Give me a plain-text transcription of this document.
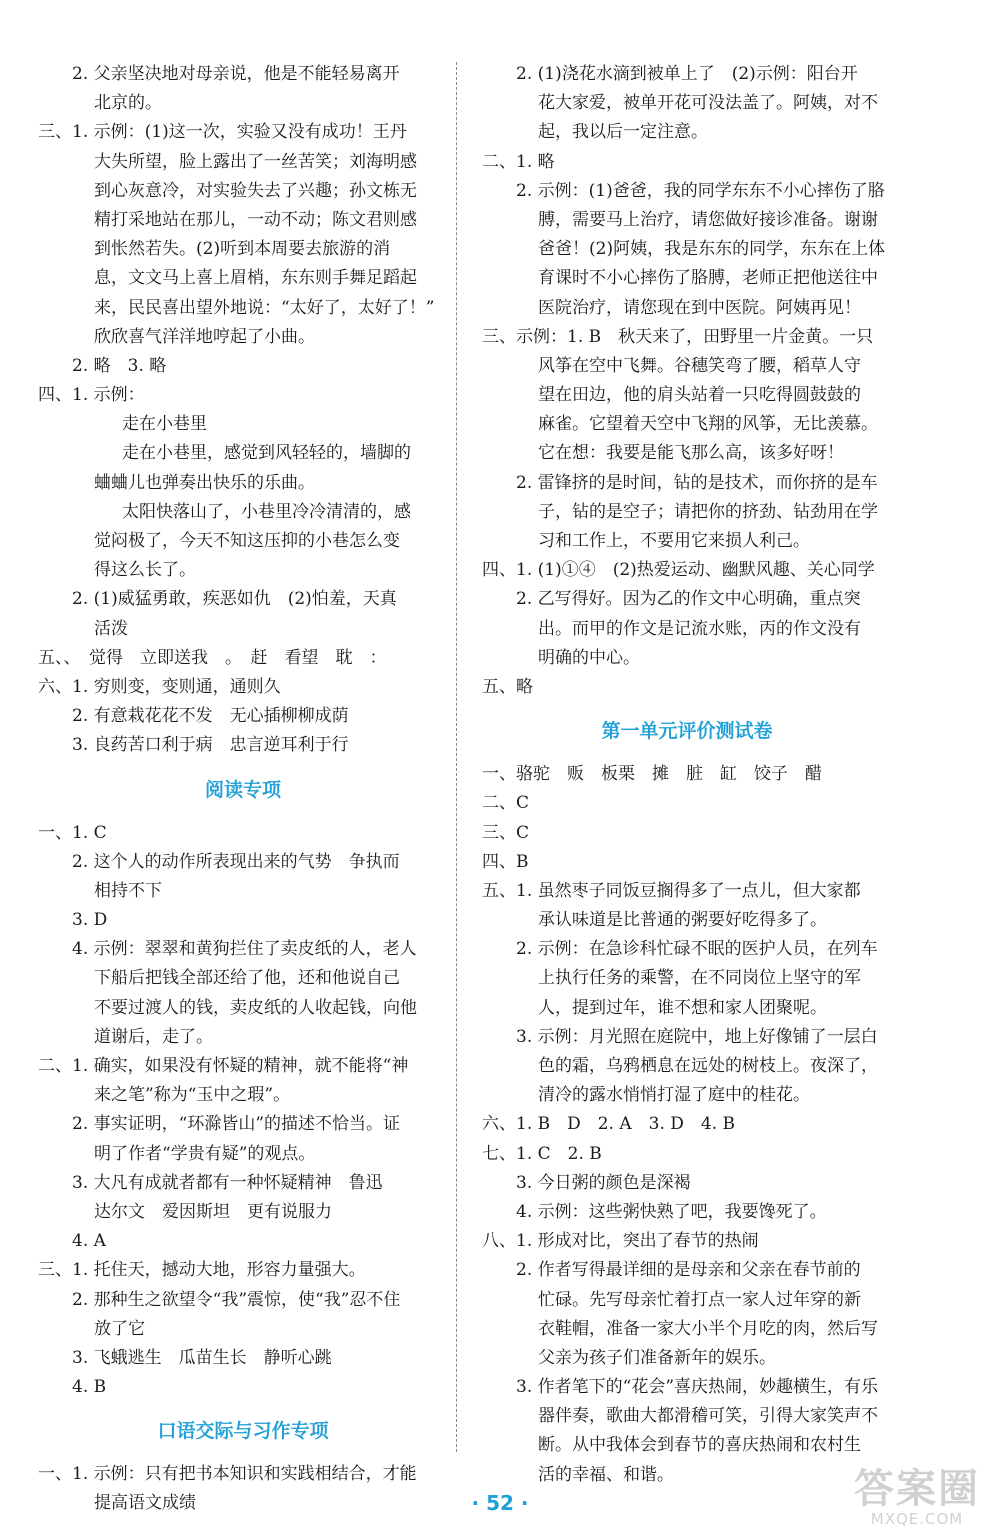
2. 父亲坚决地对母亲说，他是不能轻易离开
北京的。
三、1. 示例：(1)这一次，实验又没有成功！王丹
大失所望，脸上露出了一丝苦笑；刘海明感
到心灰意冷，对实验失去了兴趣；孙文栋无
精打采地站在那儿，一动不动；陈文君则感
到怅然若失。(2)听到本周要去旅游的消
息，文文马上喜上眉梢，东东则手舞足蹈起
来，民民喜出望外地说：“太好了，太好了！”
欣欣喜气洋洋地哼起了小曲。
2. 略　3. 略
四、1. 示例：
走在小巷里
走在小巷里，感觉到风轻轻的，墙脚的
蛐蛐儿也弹奏出快乐的乐曲。
太阳快落山了，小巷里冷冷清清的，感
觉闷极了，今天不知这压抑的小巷怎么变
得这么长了。
2. (1)威猛勇敢，疾恶如仇　(2)怕羞，天真
活泼
五、、　觉得　立即送我　。　赶　看望　耽　：
六、1. 穷则变，变则通，通则久
2. 有意栽花花不发　无心插柳柳成荫
3. 良药苦口利于病　忠言逆耳利于行
阅读专项
一、1. C
2. 这个人的动作所表现出来的气势　争执而
相持不下
3. D
4. 示例：翠翠和黄狗拦住了卖皮纸的人，老人
下船后把钱全部还给了他，还和他说自己
不要过渡人的钱，卖皮纸的人收起钱，向他
道谢后，走了。
二、1. 确实，如果没有怀疑的精神，就不能将“神
来之笔”称为“玉中之瑕”。
2. 事实证明，“环滁皆山”的描述不恰当。证
明了作者“学贵有疑”的观点。
3. 大凡有成就者都有一种怀疑精神　鲁迅
达尔文　爱因斯坦　更有说服力
4. A
三、1. 托住天，撼动大地，形容力量强大。
2. 那种生之欲望令“我”震惊，使“我”忍不住
放了它
3. 飞蛾逃生　瓜苗生长　静听心跳
4. B
口语交际与习作专项
一、1. 示例：只有把书本知识和实践相结合，才能
提高语文成绩
2. (1)浇花水滴到被单上了　(2)示例：阳台开
花大家爱，被单开花可没法盖了。阿姨，对不
起，我以后一定注意。
二、1. 略
2. 示例：(1)爸爸，我的同学东东不小心摔伤了胳
膊，需要马上治疗，请您做好接诊准备。谢谢
爸爸！(2)阿姨，我是东东的同学，东东在上体
育课时不小心摔伤了胳膊，老师正把他送往中
医院治疗，请您现在到中医院。阿姨再见！
三、示例：1. B　秋天来了，田野里一片金黄。一只
风筝在空中飞舞。谷穗笑弯了腰，稻草人守
望在田边，他的肩头站着一只吃得圆鼓鼓的
麻雀。它望着天空中飞翔的风筝，无比羡慕。
它在想：我要是能飞那么高，该多好呀！
2. 雷锋挤的是时间，钻的是技术，而你挤的是车
子，钻的是空子；请把你的挤劲、钻劲用在学
习和工作上，不要用它来损人利己。
四、1. (1)①④　(2)热爱运动、幽默风趣、关心同学
2. 乙写得好。因为乙的作文中心明确，重点突
出。而甲的作文是记流水账，丙的作文没有
明确的中心。
五、略
第一单元评价测试卷
一、骆驼　贩　板栗　摊　脏　缸　饺子　醋
二、C
三、C
四、B
五、1. 虽然枣子同饭豆搁得多了一点儿，但大家都
承认味道是比普通的粥要好吃得多了。
2. 示例：在急诊科忙碌不眠的医护人员，在列车
上执行任务的乘警，在不同岗位上坚守的军
人，提到过年，谁不想和家人团聚呢。
3. 示例：月光照在庭院中，地上好像铺了一层白
色的霜，乌鸦栖息在远处的树枝上。夜深了，
清冷的露水悄悄打湿了庭中的桂花。
六、1. B　D　2. A　3. D　4. B
七、1. C　2. B
3. 今日粥的颜色是深褐
4. 示例：这些粥快熟了吧，我要馋死了。
八、1. 形成对比，突出了春节的热闹
2. 作者写得最详细的是母亲和父亲在春节前的
忙碌。先写母亲忙着打点一家人过年穿的新
衣鞋帽，准备一家大小半个月吃的肉，然后写
父亲为孩子们准备新年的娱乐。
3. 作者笔下的“花会”喜庆热闹，妙趣横生，有乐
器伴奏，歌曲大都滑稽可笑，引得大家笑声不
断。从中我体会到春节的喜庆热闹和农村生
活的幸福、和谐。
· 52 ·	答案圈
MXQE.COM
